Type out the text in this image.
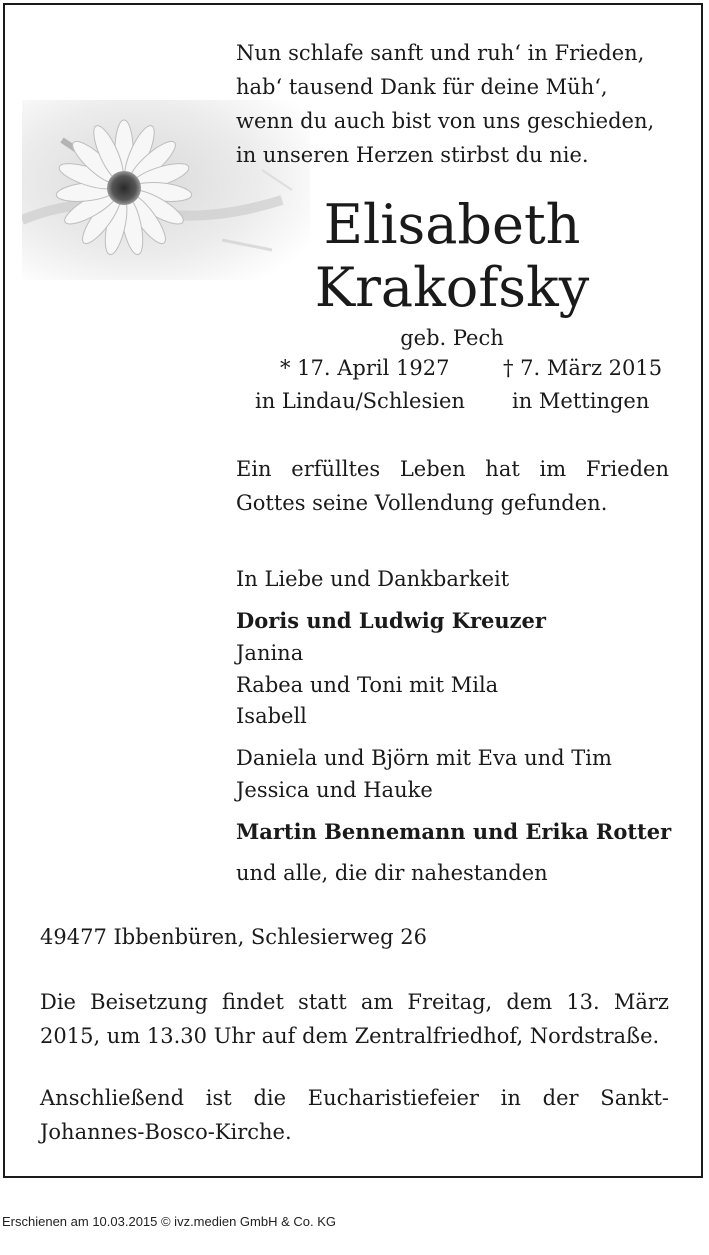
Nun schlafe sanft und ruh‘ in Frieden,
hab‘ tausend Dank für deine Müh‘,
wenn du auch bist von uns geschieden,
in unseren Herzen stirbst du nie.
Elisabeth
Krakofsky
geb. Pech
* 17. April 1927	† 7. März 2015
in Lindau/Schlesien in Mettingen

Ein erfülltes Leben hat im Frieden Gottes seine Vollendung gefunden.

In Liebe und Dankbarkeit
Doris und Ludwig Kreuzer
Janina
Rabea und Toni mit Mila
Isabell
Daniela und Björn mit Eva und Tim
Jessica und Hauke
Martin Bennemann und Erika Rotter
und alle, die dir nahestanden
49477 Ibbenbüren, Schlesierweg 26

Die Beisetzung findet statt am Freitag, dem 13. März 2015, um 13.30 Uhr auf dem Zentralfriedhof, Nordstraße.

Anschließend ist die Eucharistiefeier in der Sankt-Johannes-Bosco-Kirche.

Erschienen am 10.03.2015 © ivz.medien GmbH & Co. KG
